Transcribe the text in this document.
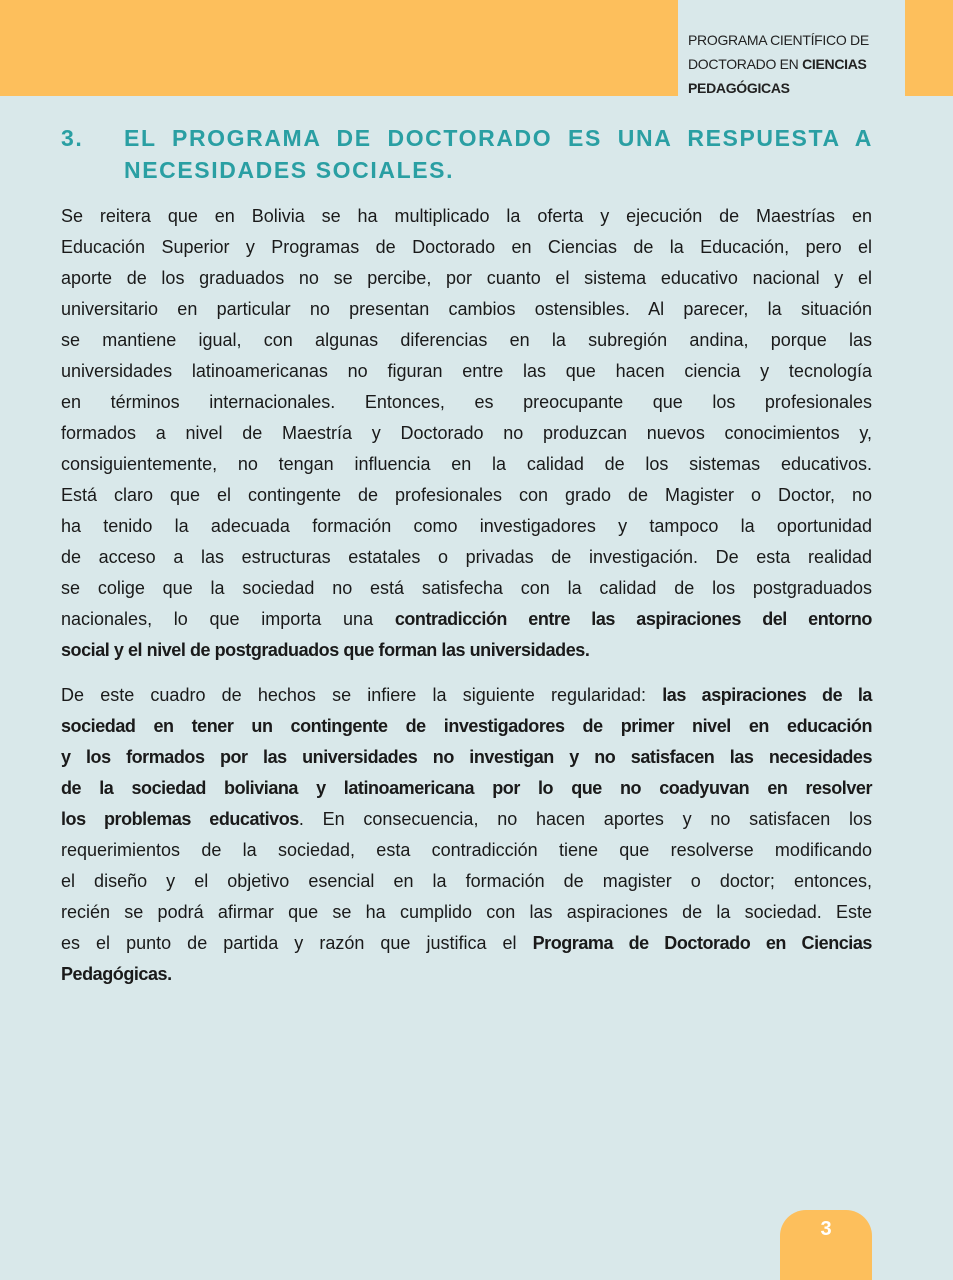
PROGRAMA CIENTÍFICO DE
DOCTORADO EN CIENCIAS
PEDAGÓGICAS
3. EL PROGRAMA DE DOCTORADO ES UNA RESPUESTA A
NECESIDADES SOCIALES.
Se reitera que en Bolivia se ha multiplicado la oferta y ejecución de Maestrías en
Educación Superior y Programas de Doctorado en Ciencias de la Educación, pero el
aporte de los graduados no se percibe, por cuanto el sistema educativo nacional y el
universitario en particular no presentan cambios ostensibles. Al parecer, la situación
se mantiene igual, con algunas diferencias en la subregión andina, porque las
universidades latinoamericanas no figuran entre las que hacen ciencia y tecnología
en términos internacionales. Entonces, es preocupante que los profesionales
formados a nivel de Maestría y Doctorado no produzcan nuevos conocimientos y,
consiguientemente, no tengan influencia en la calidad de los sistemas educativos.
Está claro que el contingente de profesionales con grado de Magister o Doctor, no
ha tenido la adecuada formación como investigadores y tampoco la oportunidad
de acceso a las estructuras estatales o privadas de investigación. De esta realidad
se colige que la sociedad no está satisfecha con la calidad de los postgraduados
nacionales, lo que importa una contradicción entre las aspiraciones del entorno
social y el nivel de postgraduados que forman las universidades.
De este cuadro de hechos se infiere la siguiente regularidad: las aspiraciones de la
sociedad en tener un contingente de investigadores de primer nivel en educación
y los formados por las universidades no investigan y no satisfacen las necesidades
de la sociedad boliviana y latinoamericana por lo que no coadyuvan en resolver
los problemas educativos. En consecuencia, no hacen aportes y no satisfacen los
requerimientos de la sociedad, esta contradicción tiene que resolverse modificando
el diseño y el objetivo esencial en la formación de magister o doctor; entonces,
recién se podrá afirmar que se ha cumplido con las aspiraciones de la sociedad. Este
es el punto de partida y razón que justifica el Programa de Doctorado en Ciencias
Pedagógicas.
3
